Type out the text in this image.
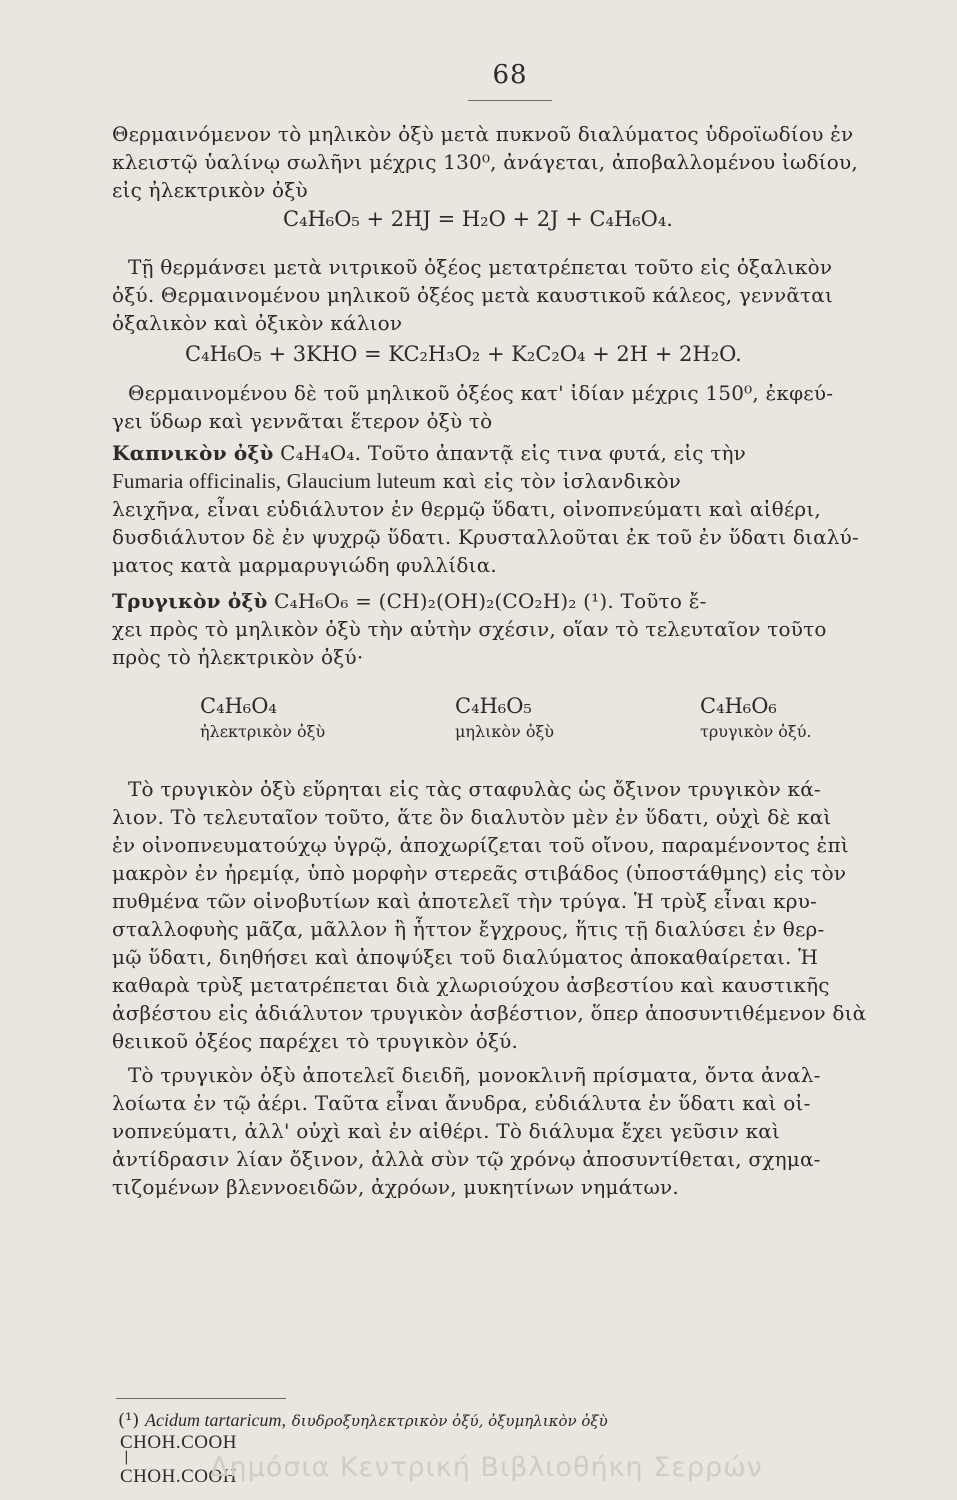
68
Θερμαινόμενον τὸ μηλικὸν ὀξὺ μετὰ πυκνοῦ διαλύματος ὑδροϊωδίου ἐν
κλειστῷ ὑαλίνῳ σωλῆνι μέχρις 130⁰, ἀνάγεται, ἀποβαλλομένου ἰωδίου,
εἰς ἠλεκτρικὸν ὀξὺ
C₄H₆O₅ + 2HJ = H₂O + 2J + C₄H₆O₄.
Τῇ θερμάνσει μετὰ νιτρικοῦ ὀξέος μετατρέπεται τοῦτο εἰς ὀξαλικὸν
ὀξύ. Θερμαινομένου μηλικοῦ ὀξέος μετὰ καυστικοῦ κάλεος, γεννᾶται
ὀξαλικὸν καὶ ὀξικὸν κάλιον
C₄H₆O₅ + 3KHO = KC₂H₃O₂ + K₂C₂O₄ + 2H + 2H₂O.
Θερμαινομένου δὲ τοῦ μηλικοῦ ὀξέος κατ' ἰδίαν μέχρις 150⁰, ἐκφεύ-
γει ὕδωρ καὶ γεννᾶται ἕτερον ὀξὺ τὸ
Καπνικὸν ὀξὺ C₄H₄O₄. Τοῦτο ἀπαντᾷ εἰς τινα φυτά, εἰς τὴν
Fumaria officinalis, Glaucium luteum καὶ εἰς τὸν ἰσλανδικὸν
λειχῆνα, εἶναι εὐδιάλυτον ἐν θερμῷ ὕδατι, οἰνοπνεύματι καὶ αἰθέρι,
δυσδιάλυτον δὲ ἐν ψυχρῷ ὕδατι. Κρυσταλλοῦται ἐκ τοῦ ἐν ὕδατι διαλύ-
ματος κατὰ μαρμαρυγιώδη φυλλίδια.
Τρυγικὸν ὀξὺ C₄H₆O₆ = (CH)₂(OH)₂(CO₂H)₂ (¹). Τοῦτο ἔ-
χει πρὸς τὸ μηλικὸν ὀξὺ τὴν αὐτὴν σχέσιν, οἵαν τὸ τελευταῖον τοῦτο
πρὸς τὸ ἠλεκτρικὸν ὀξύ·
C₄H₆O₄
ἠλεκτρικὸν ὀξὺ
C₄H₆O₅
μηλικὸν ὀξὺ
C₄H₆O₆
τρυγικὸν ὀξύ.
Τὸ τρυγικὸν ὀξὺ εὕρηται εἰς τὰς σταφυλὰς ὡς ὄξινον τρυγικὸν κά-
λιον. Τὸ τελευταῖον τοῦτο, ἅτε ὂν διαλυτὸν μὲν ἐν ὕδατι, οὐχὶ δὲ καὶ
ἐν οἰνοπνευματούχῳ ὑγρῷ, ἀποχωρίζεται τοῦ οἴνου, παραμένοντος ἐπὶ
μακρὸν ἐν ἠρεμίᾳ, ὑπὸ μορφὴν στερεᾶς στιβάδος (ὑποστάθμης) εἰς τὸν
πυθμένα τῶν οἰνοβυτίων καὶ ἀποτελεῖ τὴν τρύγα. Ἡ τρὺξ εἶναι κρυ-
σταλλοφυὴς μᾶζα, μᾶλλον ἢ ἧττον ἔγχρους, ἥτις τῇ διαλύσει ἐν θερ-
μῷ ὕδατι, διηθήσει καὶ ἀποψύξει τοῦ διαλύματος ἀποκαθαίρεται. Ἡ
καθαρὰ τρὺξ μετατρέπεται διὰ χλωριούχου ἀσβεστίου καὶ καυστικῆς
ἀσβέστου εἰς ἀδιάλυτον τρυγικὸν ἀσβέστιον, ὅπερ ἀποσυντιθέμενον διὰ
θειικοῦ ὀξέος παρέχει τὸ τρυγικὸν ὀξύ.
Τὸ τρυγικὸν ὀξὺ ἀποτελεῖ διειδῆ, μονοκλινῆ πρίσματα, ὄντα ἀναλ-
λοίωτα ἐν τῷ ἀέρι. Ταῦτα εἶναι ἄνυδρα, εὐδιάλυτα ἐν ὕδατι καὶ οἰ-
νοπνεύματι, ἀλλ' οὐχὶ καὶ ἐν αἰθέρι. Τὸ διάλυμα ἔχει γεῦσιν καὶ
ἀντίδρασιν λίαν ὄξινον, ἀλλὰ σὺν τῷ χρόνῳ ἀποσυντίθεται, σχημα-
τιζομένων βλεννοειδῶν, ἀχρόων, μυκητίνων νημάτων.
(¹) Acidum tartaricum, διυδροξυηλεκτρικὸν ὀξύ, ὀξυμηλικὸν ὀξὺ
CHOH.COOH
|
CHOH.COOH
Δημόσια Κεντρική Βιβλιοθήκη Σερρών
